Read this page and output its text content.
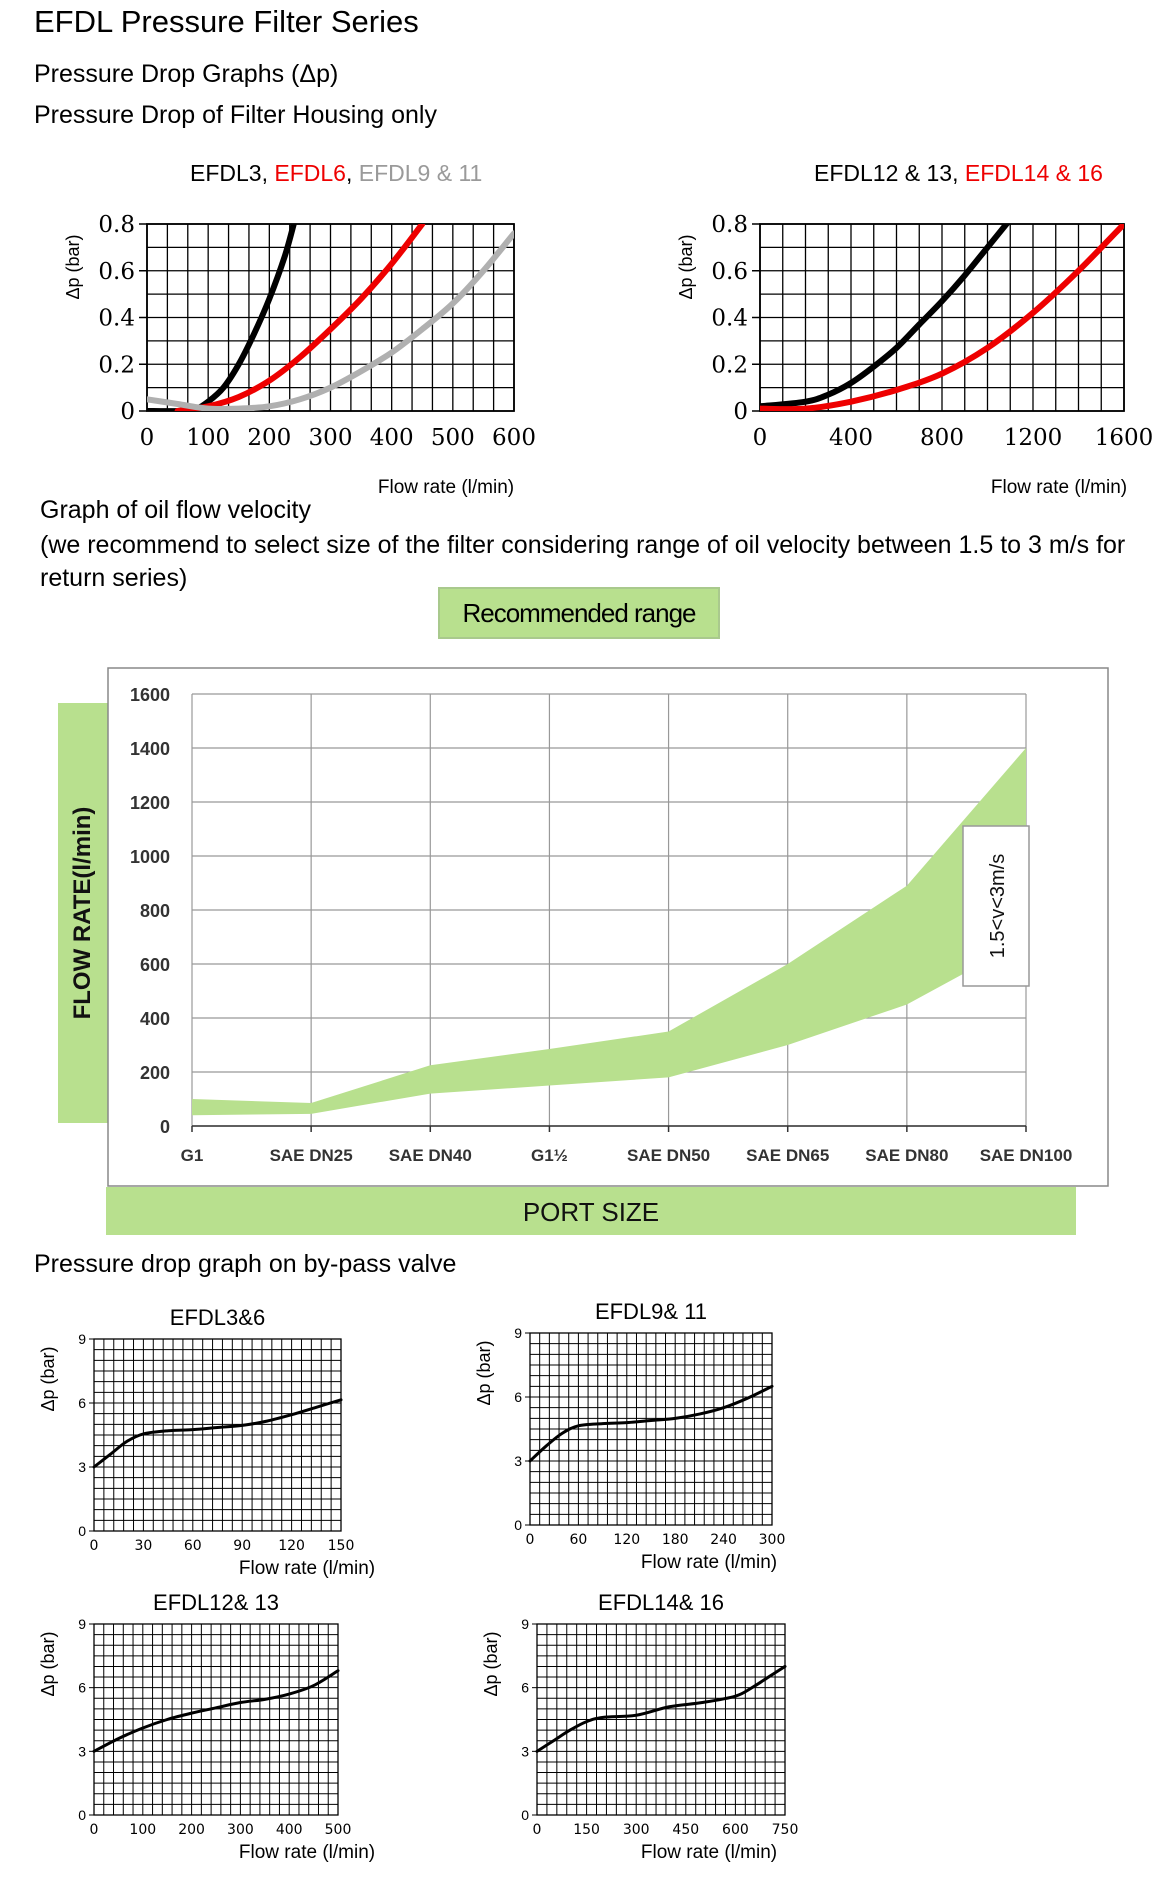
EFDL Pressure Filter Series
Pressure Drop Graphs (Δp)
Pressure Drop of Filter Housing only
EFDL3, EFDL6, EFDL9 & 11	EFDL12 & 13, EFDL14 & 16
Graph of oil flow velocity
(we recommend to select size of the filter considering range of oil velocity between 1.5 to 3 m/s for return series)
Recommended range
Pressure drop graph on by-pass valve
0
0.2
0.4
0.6
0.8
0 100 200 300 400 500 600
Flow rate (l/min)
Δp (bar)
0
0.2
0.4
0.6
0.8
0	400 800 1200 1600
Flow rate (l/min)
Δp (bar)
0
200
400
600
800
1000
1200
1400
1600
G1	SAE DN25 SAE DN40	G1½	SAE DN50 SAE DN65 SAE DN80 SAE DN100
FLOW RATE(l/min)
PORT SIZE
1.5<v<3m/s
0
3
6
9
0	30 60 90 120 150
EFDL3&6
Flow rate (l/min)
Δp (bar)
0
3
6
9
0	60 120 180 240 300
EFDL9& 11
Flow rate (l/min)
Δp (bar)
0
3
6
9
0 100 200 300 400 500
EFDL12& 13
Flow rate (l/min)
Δp (bar)
0
3
6
9
0 150 300 450 600 750
EFDL14& 16
Flow rate (l/min)
Δp (bar)
